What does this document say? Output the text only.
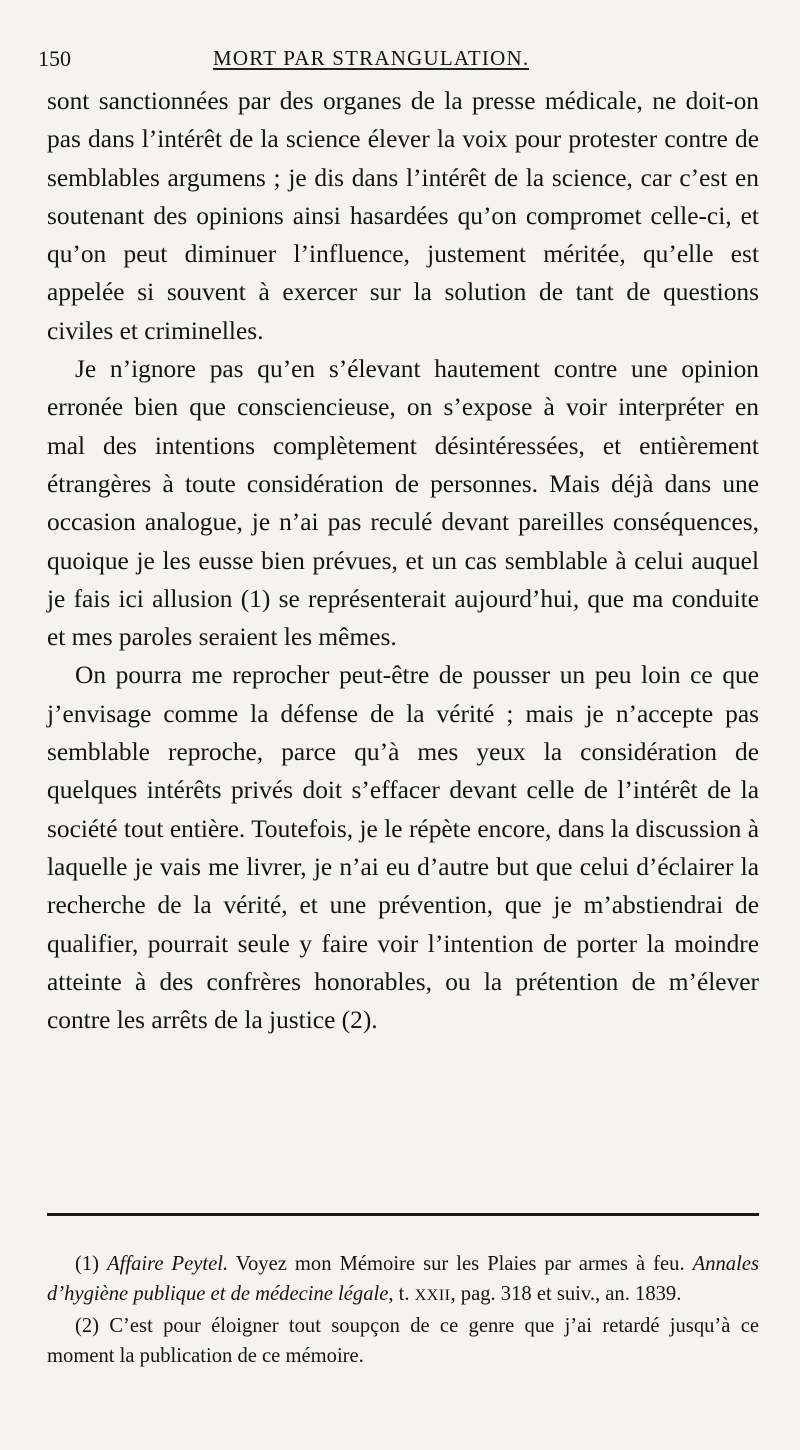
150	MORT PAR STRANGULATION.

sont sanctionnées par des organes de la presse médicale, ne doit-on pas dans l’intérêt de la science élever la voix pour protester contre de semblables argumens ; je dis dans l’intérêt de la science, car c’est en soutenant des opinions ainsi hasardées qu’on compromet celle-ci, et qu’on peut diminuer l’influence, justement méritée, qu’elle est appelée si souvent à exercer sur la solution de tant de questions civiles et criminelles.

Je n’ignore pas qu’en s’élevant hautement contre une opinion erronée bien que consciencieuse, on s’expose à voir interpréter en mal des intentions complètement désintéressées, et entièrement étrangères à toute considération de personnes. Mais déjà dans une occasion analogue, je n’ai pas reculé devant pareilles conséquences, quoique je les eusse bien prévues, et un cas semblable à celui auquel je fais ici allusion (1) se représenterait aujourd’hui, que ma conduite et mes paroles seraient les mêmes.

On pourra me reprocher peut-être de pousser un peu loin ce que j’envisage comme la défense de la vérité ; mais je n’accepte pas semblable reproche, parce qu’à mes yeux la considération de quelques intérêts privés doit s’effacer devant celle de l’intérêt de la société tout entière. Toutefois, je le répète encore, dans la discussion à laquelle je vais me livrer, je n’ai eu d’autre but que celui d’éclairer la recherche de la vérité, et une prévention, que je m’abstiendrai de qualifier, pourrait seule y faire voir l’intention de porter la moindre atteinte à des confrères honorables, ou la prétention de m’élever contre les arrêts de la justice (2).

(1) Affaire Peytel. Voyez mon Mémoire sur les Plaies par armes à feu. Annales d’hygiène publique et de médecine légale, t. XXII, pag. 318 et suiv., an. 1839.

(2) C’est pour éloigner tout soupçon de ce genre que j’ai retardé jusqu’à ce moment la publication de ce mémoire.
